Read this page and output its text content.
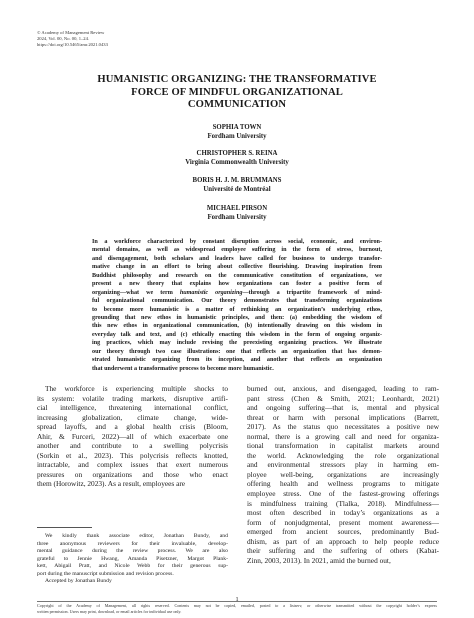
© Academy of Management Review
2024, Vol. 00, No. 00, 1–24.
https://doi.org/10.5465/amr.2021.0433
HUMANISTIC ORGANIZING: THE TRANSFORMATIVE
FORCE OF MINDFUL ORGANIZATIONAL
COMMUNICATION
SOPHIA TOWN
Fordham University
CHRISTOPHER S. REINA
Virginia Commonwealth University
BORIS H. J. M. BRUMMANS
Université de Montréal
MICHAEL PIRSON
Fordham University
In a workforce characterized by constant disruption across social, economic, and environ-
mental domains, as well as widespread employee suffering in the form of stress, burnout,
and disengagement, both scholars and leaders have called for business to undergo transfor-
mative change in an effort to bring about collective flourishing. Drawing inspiration from
Buddhist philosophy and research on the communicative constitution of organizations, we
present a new theory that explains how organizations can foster a positive form of
organizing—what we term humanistic organizing—through a tripartite framework of mind-
ful organizational communication. Our theory demonstrates that transforming organizations
to become more humanistic is a matter of rethinking an organization’s underlying ethos,
grounding that new ethos in humanistic principles, and then: (a) embedding the wisdom of
this new ethos in organizational communication, (b) intentionally drawing on this wisdom in
everyday talk and text, and (c) ethically enacting this wisdom in the form of ongoing organiz-
ing practices, which may include revising the preexisting organizing practices. We illustrate
our theory through two case illustrations: one that reflects an organization that has demon-
strated humanistic organizing from its inception, and another that reflects an organization
that underwent a transformative process to become more humanistic.
The workforce is experiencing multiple shocks to
its system: volatile trading markets, disruptive artifi-
cial intelligence, threatening international conflict,
increasing globalization, climate change, wide-
spread layoffs, and a global health crisis (Bloom,
Ahir, & Furceri, 2022)—all of which exacerbate one
another and contribute to a swelling polycrisis
(Sorkin et al., 2023). This polycrisis reflects knotted,
intractable, and complex issues that exert numerous
pressures on organizations and those who enact
them (Horowitz, 2023). As a result, employees are
We kindly thank associate editor, Jonathan Bundy, and
three anonymous reviewers for their invaluable, develop-
mental guidance during the review process. We are also
grateful to Jennie Hwang, Amanda Pisetzner, Margot Plank-
kett, Abigail Pratt, and Nicole Webb for their generous sup-
port during the manuscript submission and revision process.
Accepted by Jonathan Bundy
burned out, anxious, and disengaged, leading to ram-
pant stress (Chen & Smith, 2021; Leonhardt, 2021)
and ongoing suffering—that is, mental and physical
threat or harm with personal implications (Barrett,
2017). As the status quo necessitates a positive new
normal, there is a growing call and need for organiza-
tional transformation in capitalist markets around
the world. Acknowledging the role organizational
and environmental stressors play in harming em-
ployee well-being, organizations are increasingly
offering health and wellness programs to mitigate
employee stress. One of the fastest-growing offerings
is mindfulness training (Tlalka, 2018). Mindfulness—
most often described in today’s organizations as a
form of nonjudgmental, present moment awareness—
emerged from ancient sources, predominantly Bud-
dhism, as part of an approach to help people reduce
their suffering and the suffering of others (Kabat-
Zinn, 2003, 2013). In 2021, amid the burned out,
1
Copyright of the Academy of Management, all rights reserved. Contents may not be copied, emailed, posted to a listserv, or otherwise transmitted without the copyright holder’s express
written permission. Users may print, download, or email articles for individual use only.
